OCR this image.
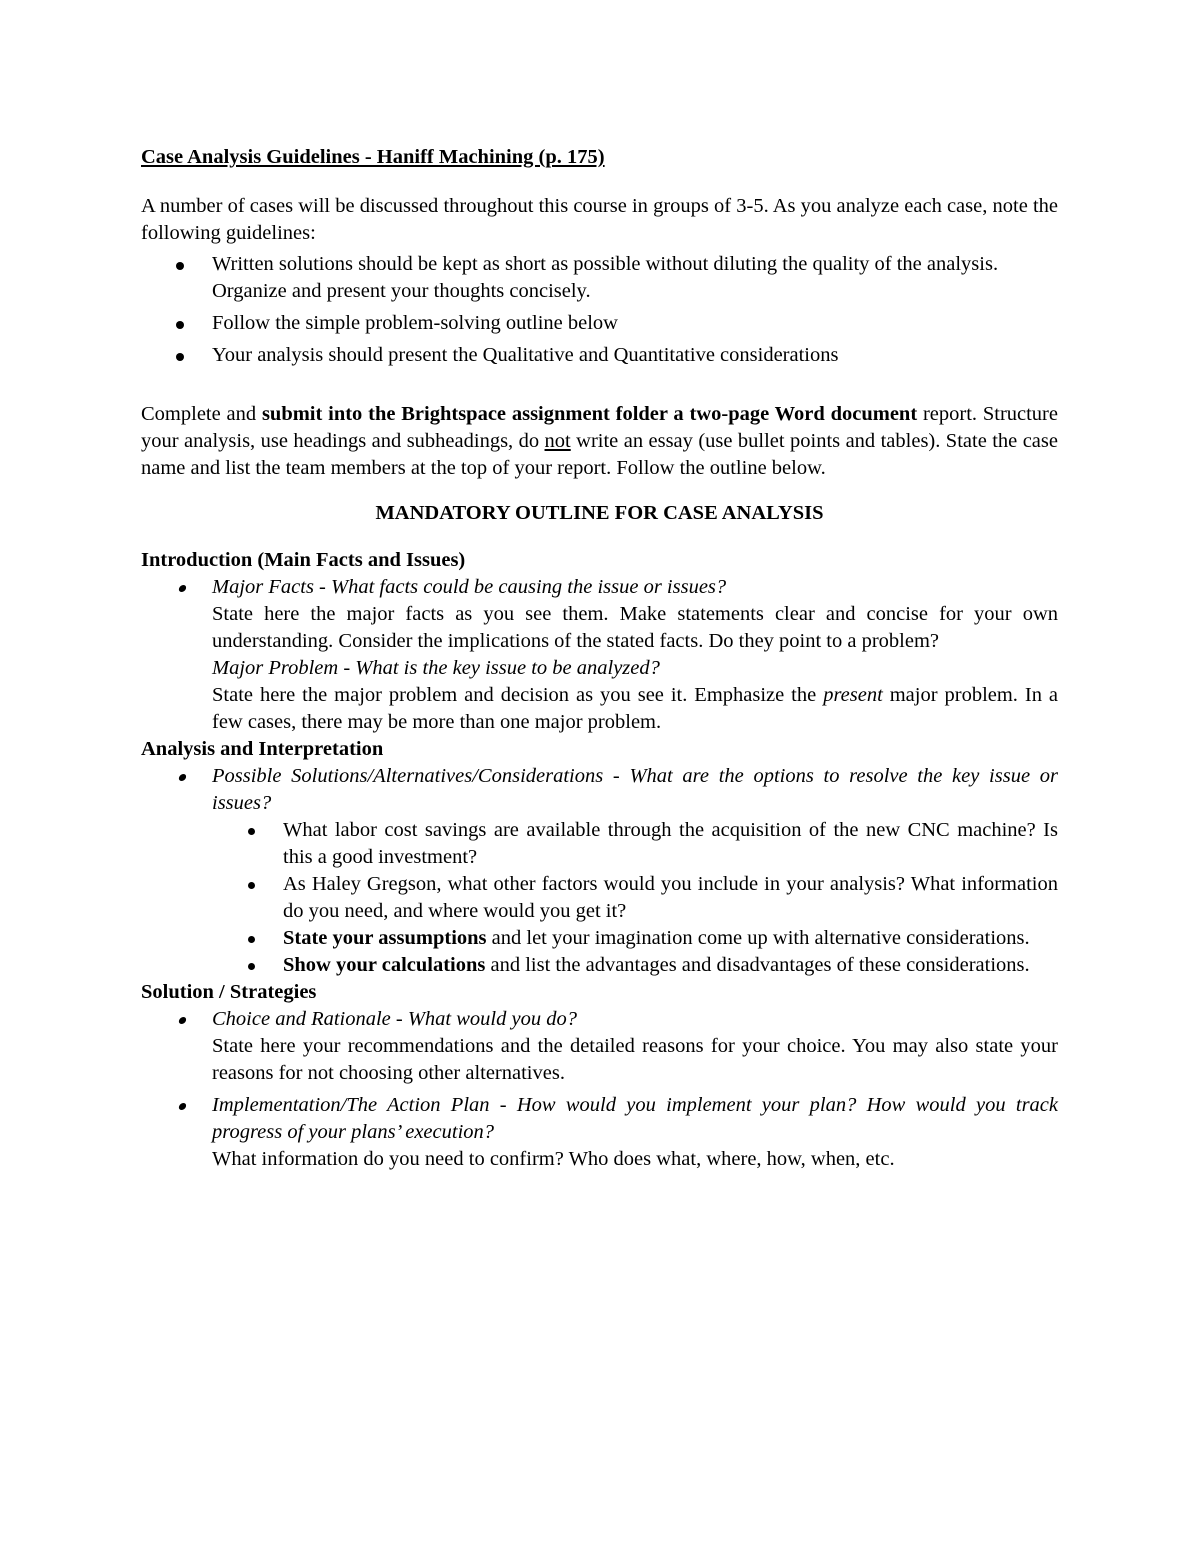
Case Analysis Guidelines - Haniff Machining (p. 175)

A number of cases will be discussed throughout this course in groups of 3-5. As you analyze each case, note the following guidelines:

Written solutions should be kept as short as possible without diluting the quality of the analysis. Organize and present your thoughts concisely.
Follow the simple problem-solving outline below
Your analysis should present the Qualitative and Quantitative considerations

Complete and submit into the Brightspace assignment folder a two-page Word document report. Structure your analysis, use headings and subheadings, do not write an essay (use bullet points and tables). State the case name and list the team members at the top of your report. Follow the outline below.

MANDATORY OUTLINE FOR CASE ANALYSIS

Introduction (Main Facts and Issues)

Major Facts - What facts could be causing the issue or issues?

State here the major facts as you see them. Make statements clear and concise for your own understanding. Consider the implications of the stated facts. Do they point to a problem?

Major Problem - What is the key issue to be analyzed?

State here the major problem and decision as you see it. Emphasize the present major problem. In a few cases, there may be more than one major problem.

Analysis and Interpretation

Possible Solutions/Alternatives/Considerations - What are the options to resolve the key issue or issues?

What labor cost savings are available through the acquisition of the new CNC machine? Is this a good investment?
As Haley Gregson, what other factors would you include in your analysis? What information do you need, and where would you get it?
State your assumptions and let your imagination come up with alternative considerations.
Show your calculations and list the advantages and disadvantages of these considerations.

Solution / Strategies

Choice and Rationale - What would you do?

State here your recommendations and the detailed reasons for your choice. You may also state your reasons for not choosing other alternatives.

Implementation/The Action Plan - How would you implement your plan? How would you track progress of your plans’ execution?

What information do you need to confirm? Who does what, where, how, when, etc.
